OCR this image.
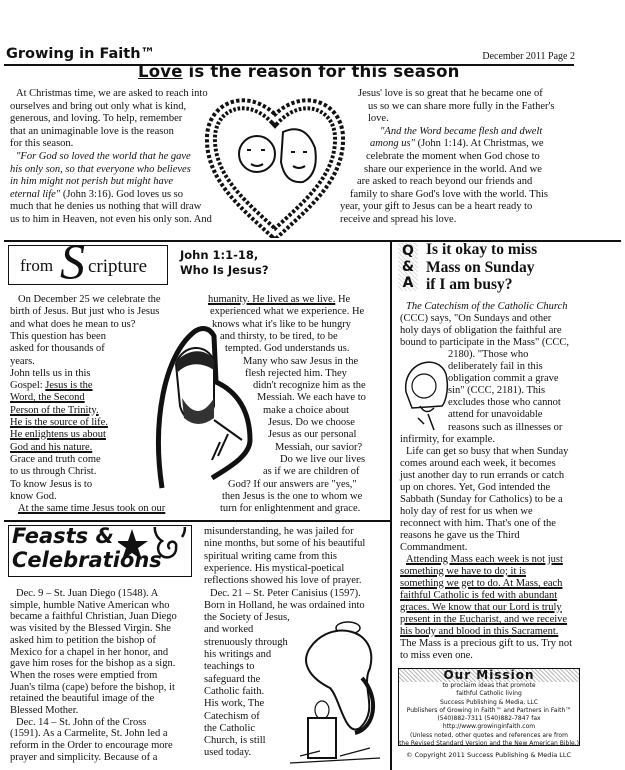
Growing in Faith™	December 2011 Page 2
Love is the reason for this season
At Christmas time, we are asked to reach into
ourselves and bring out only what is kind,
generous, and loving. To help, remember
that an unimaginable love is the reason
for this season.
"For God so loved the world that he gave
his only son, so that everyone who believes
in him might not perish but might have
eternal life" (John 3:16). God loves us so
much that he denies us nothing that will draw
us to him in Heaven, not even his only son. And
Jesus' love is so great that he became one of
us so we can share more fully in the Father's
love.
"And the Word became flesh and dwelt
among us" (John 1:14). At Christmas, we
celebrate the moment when God chose to
share our experience in the world. And we
are asked to reach beyond our friends and
family to share God's love with the world. This
year, your gift to Jesus can be a heart ready to
receive and spread his love.
from S cripture
John 1:1-18,
Who Is Jesus?
On December 25 we celebrate the
birth of Jesus. But just who is Jesus
and what does he mean to us?
This question has been
asked for thousands of
years.
John tells us in this
Gospel: Jesus is the
Word, the Second
Person of the Trinity.
He is the source of life.
He enlightens us about
God and his nature.
Grace and truth come
to us through Christ.
To know Jesus is to
know God.
At the same time Jesus took on our
humanity. He lived as we live. He
experienced what we experience. He
knows what it's like to be hungry
and thirsty, to be tired, to be
tempted. God understands us.
Many who saw Jesus in the
flesh rejected him. They
didn't recognize him as the
Messiah. We each have to
make a choice about
Jesus. Do we choose
Jesus as our personal
Messiah, our savior?
Do we live our lives
as if we are children of
God? If our answers are "yes,"
then Jesus is the one to whom we
turn for enlightenment and grace.
Q
&
A
Is it okay to miss
Mass on Sunday
if I am busy?
The Catechism of the Catholic Church
(CCC) says, "On Sundays and other
holy days of obligation the faithful are
bound to participate in the Mass" (CCC,
2180). "Those who
deliberately fail in this
obligation commit a grave
sin" (CCC, 2181). This
excludes those who cannot
attend for unavoidable
reasons such as illnesses or
infirmity, for example.
Life can get so busy that when Sunday
comes around each week, it becomes
just another day to run errands or catch
up on chores. Yet, God intended the
Sabbath (Sunday for Catholics) to be a
holy day of rest for us when we
reconnect with him. That's one of the
reasons he gave us the Third
Commandment.
Attending Mass each week is not just
something we have to do; it is
something we get to do. At Mass, each
faithful Catholic is fed with abundant
graces. We know that our Lord is truly
present in the Eucharist, and we receive
his body and blood in this Sacrament.
The Mass is a precious gift to us. Try not
to miss even one.
Feasts &
Celebrations
Dec. 9 – St. Juan Diego (1548). A
simple, humble Native American who
became a faithful Christian, Juan Diego
was visited by the Blessed Virgin. She
asked him to petition the bishop of
Mexico for a chapel in her honor, and
gave him roses for the bishop as a sign.
When the roses were emptied from
Juan's tilma (cape) before the bishop, it
retained the beautiful image of the
Blessed Mother.
Dec. 14 – St. John of the Cross
(1591). As a Carmelite, St. John led a
reform in the Order to encourage more
prayer and simplicity. Because of a
misunderstanding, he was jailed for
nine months, but some of his beautiful
spiritual writing came from this
experience. His mystical-poetical
reflections showed his love of prayer.
Dec. 21 – St. Peter Canisius (1597).
Born in Holland, he was ordained into
the Society of Jesus,
and worked
strenuously through
his writings and
teachings to
safeguard the
Catholic faith.
His work, The
Catechism of
the Catholic
Church, is still
used today.
Our Mission
to proclaim ideas that promote
faithful Catholic living
Success Publishing & Media, LLC
Publishers of Growing in Faith™ and Partners in Faith™
(540)882-7311 (540)882-7847 fax
http://www.growinginfaith.com
(Unless noted, other quotes and references are from
the Revised Standard Version and the New American Bible.)
© Copyright 2011 Success Publishing & Media LLC
